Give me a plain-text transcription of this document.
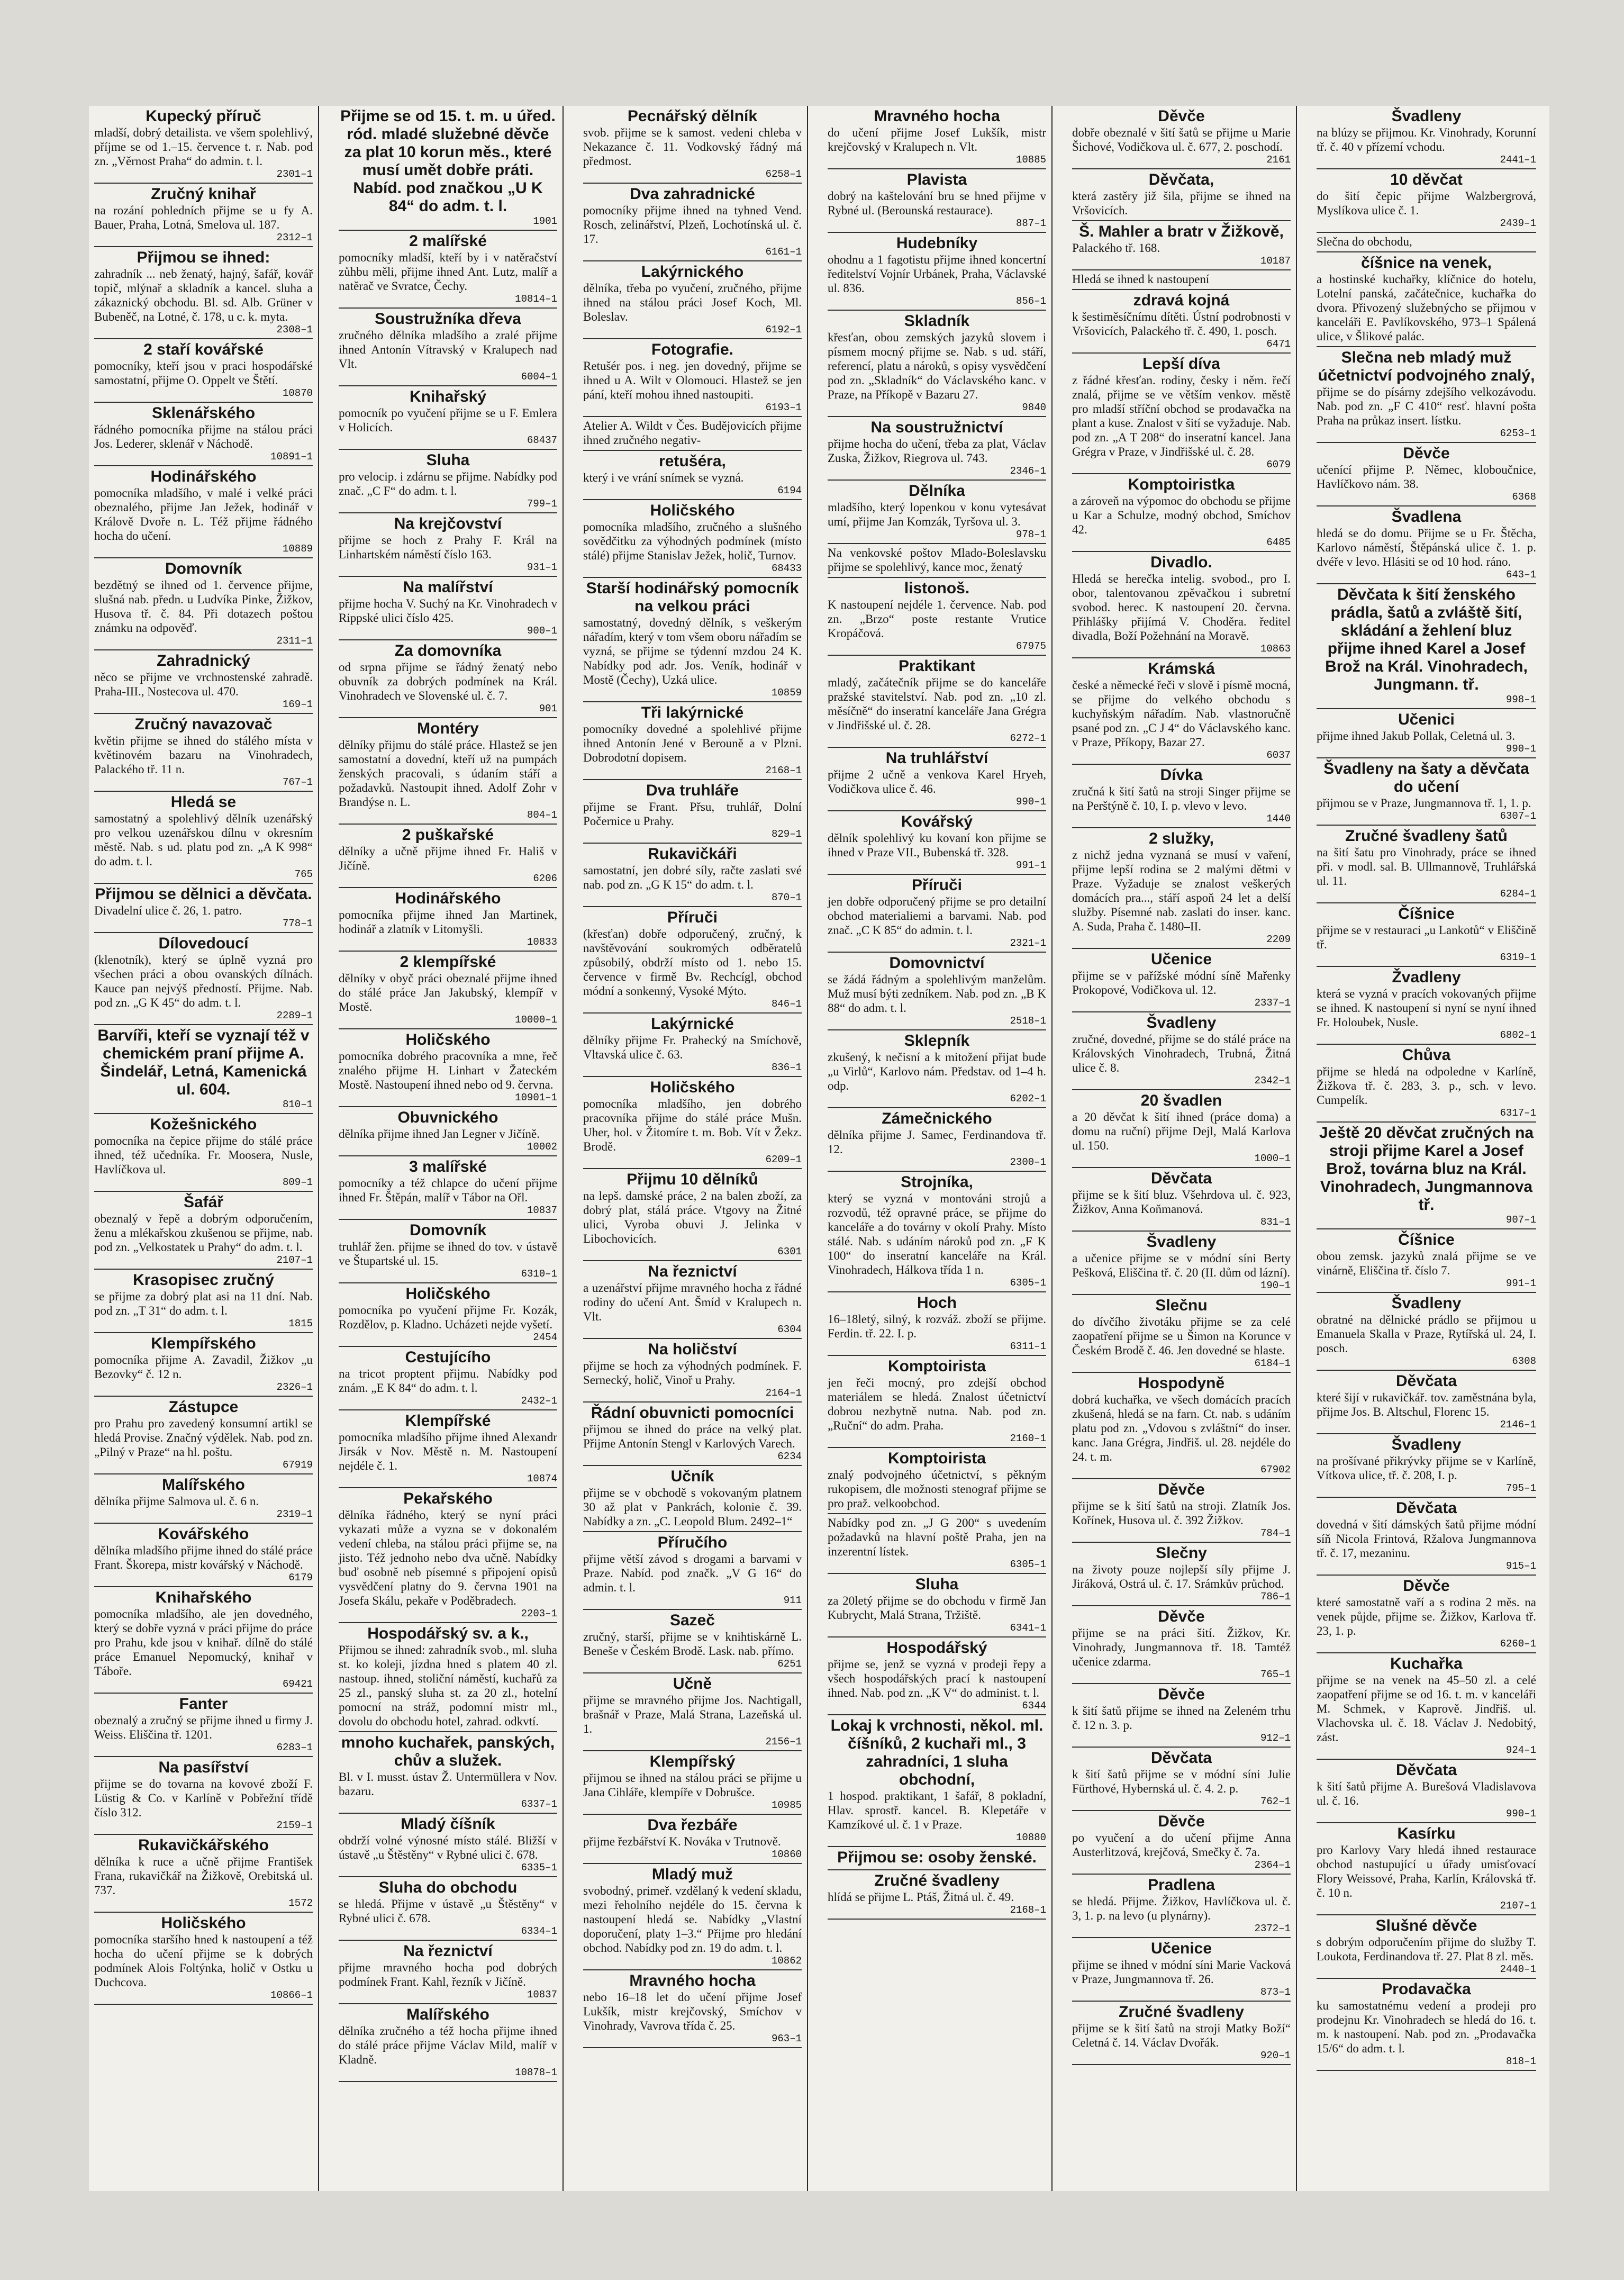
Kupecký příruč
mladší, dobrý detailista. ve všem spolehlivý, příjme se od 1.–15. července t. r. Nab. pod zn. „Věrnost Praha“ do admin. t. l.
2301–1
Zručný knihař
na rozání pohledních přijme se u fy A. Bauer, Praha, Lotná, Smelova ul. 187.
2312–1
Přijmou se ihned:
zahradník ... neb ženatý, hajný, šafář, kovář topič, mlýnař a skladník a kancel. sluha a zákaznický obchodu. Bl. sd. Alb. Grüner v Bubeněč, na Lotné, č. 178, u c. k. myta.
2308–1
2 staří kovářské
pomocníky, kteří jsou v praci hospodářské samostatní, přijme O. Oppelt ve Štětí.
10870
Sklenářského
řádného pomocníka přijme na stálou práci Jos. Lederer, sklenář v Náchodě.
10891–1
Hodinářského
pomocníka mladšího, v malé i velké práci obeznalého, přijme Jan Ježek, hodinář v Králově Dvoře n. L. Též přijme řádného hocha do učení.
10889
Domovník
bezdětný se ihned od 1. července přijme, slušná nab. předn. u Ludvíka Pinke, Žižkov, Husova tř. č. 84. Při dotazech poštou známku na odpověď.
2311–1
Zahradnický
něco se přijme ve vrchnostenské zahradě. Praha-III., Nostecova ul. 470.
169–1
Zručný navazovač
květin přijme se ihned do stálého místa v květinovém bazaru na Vinohradech, Palackého tř. 11 n.
767–1
Hledá se
samostatný a spolehlivý dělník uzenářský pro velkou uzenářskou dílnu v okresním městě. Nab. s ud. platu pod zn. „A K 998“ do adm. t. l.
765
Přijmou se dělnici a děvčata.
Divadelní ulice č. 26, 1. patro.
778–1
Dílovedoucí
(klenotník), který se úplně vyzná pro všechen práci a obou ovanských dílnách. Kauce pan nejvýš předností. Přijme. Nab. pod zn. „G K 45“ do adm. t. l.
2289–1
Barvíři, kteří se vyznají též v chemickém praní přijme A. Šindelář, Letná, Kamenická ul. 604.
810–1
Kožešnického
pomocníka na čepice přijme do stálé práce ihned, též učedníka. Fr. Moosera, Nusle, Havlíčkova ul.
809–1
Šafář
obeznalý v řepě a dobrým odporučením, ženu a mlékařskou zkušenou se přijme, nab. pod zn. „Velkostatek u Prahy“ do adm. t. l.
2107–1
Krasopisec zručný
se přijme za dobrý plat asi na 11 dní. Nab. pod zn. „T 31“ do adm. t. l.
1815
Klempířského
pomocníka přijme A. Zavadil, Žižkov „u Bezovky“ č. 12 n.
2326–1
Zástupce
pro Prahu pro zavedený konsumní artikl se hledá Provise. Značný výdělek. Nab. pod zn. „Pilný v Praze“ na hl. poštu.
67919
Malířského
dělníka přijme Salmova ul. č. 6 n.
2319–1
Kovářského
dělníka mladšího přijme ihned do stálé práce Frant. Škorepa, mistr kovářský v Náchodě.
6179
Knihařského
pomocníka mladšího, ale jen dovedného, který se dobře vyzná v práci přijme do práce pro Prahu, kde jsou v knihař. dílně do stálé práce Emanuel Nepomucký, knihař v Táboře.
69421
Fanter
obeznalý a zručný se přijme ihned u firmy J. Weiss. Eliščina tř. 1201.
6283–1
Na pasířství
přijme se do tovarna na kovové zboží F. Lüstig & Co. v Karlíně v Pobřežní třídě číslo 312.
2159–1
Rukavičkářského
dělníka k ruce a učně přijme František Frana, rukavičkář na Žižkově, Orebitská ul. 737.
1572
Holičského
pomocníka staršího hned k nastoupení a též hocha do učení přijme se k dobrých podmínek Alois Foltýnka, holič v Ostku u Duchcova.
10866–1
Přijme se od 15. t. m. u úřed. ród. mladé služebné děvče za plat 10 korun měs., které musí umět dobře práti. Nabíd. pod značkou „U K 84“ do adm. t. l.
1901
2 malířské
pomocníky mladší, kteří by i v natěračství zůhbu měli, přijme ihned Ant. Lutz, malíř a natěrač ve Svratce, Čechy.
10814–1
Soustružníka dřeva
zručného dělníka mladšího a zralé přijme ihned Antonín Vítravský v Kralupech nad Vlt.
6004–1
Knihařský
pomocník po vyučení přijme se u F. Emlera v Holicích.
68437
Sluha
pro velocip. i zdárnu se přijme. Nabídky pod znač. „C F“ do adm. t. l.
799–1
Na krejčovství
přijme se hoch z Prahy F. Král na Linhartském náměstí číslo 163.
931–1
Na malířství
přijme hocha V. Suchý na Kr. Vinohradech v Rippské ulici číslo 425.
900–1
Za domovníka
od srpna přijme se řádný ženatý nebo obuvník za dobrých podmínek na Král. Vinohradech ve Slovenské ul. č. 7.
901
Montéry
dělníky přijmu do stálé práce. Hlastež se jen samostatní a dovední, kteří už na pumpách ženských pracovali, s údaním stáří a požadavků. Nastoupit ihned. Adolf Zohr v Brandýse n. L.
804–1
2 puškařské
dělníky a učně přijme ihned Fr. Hališ v Jičíně.
6206
Hodinářského
pomocníka přijme ihned Jan Martinek, hodinář a zlatník v Litomyšli.
10833
2 klempířské
dělníky v obyč práci obeznalé přijme ihned do stálé práce Jan Jakubský, klempíř v Mostě.
10000–1
Holičského
pomocníka dobrého pracovníka a mne, řeč znalého přijme H. Linhart v Žateckém Mostě. Nastoupení ihned nebo od 9. června.
10901–1
Obuvnického
dělníka přijme ihned Jan Legner v Jičíně.
10002
3 malířské
pomocníky a též chlapce do učení přijme ihned Fr. Štěpán, malíř v Tábor na Ořl.
10837
Domovník
truhlář žen. přijme se ihned do tov. v ústavě ve Štupartské ul. 15.
6310–1
Holičského
pomocníka po vyučení přijme Fr. Kozák, Rozdělov, p. Kladno. Ucházeti nejde vyšetí.
2454
Cestujícího
na tricot proptent přijmu. Nabídky pod znám. „E K 84“ do adm. t. l.
2432–1
Klempířské
pomocníka mladšího přijme ihned Alexandr Jirsák v Nov. Městě n. M. Nastoupení nejdéle č. 1.
10874
Pekařského
dělníka řádného, který se nyní práci vykazati může a vyzna se v dokonalém vedení chleba, na stálou práci přijme se, na jisto. Též jednoho nebo dva učně. Nabídky buď osobně neb písemné s připojení opisů vysvědčení platny do 9. června 1901 na Josefa Skálu, pekaře v Poděbradech.
2203–1
Hospodářský sv. a k.,
Přijmou se ihned: zahradník svob., ml. sluha st. ko koleji, jízdna hned s platem 40 zl. nastoup. ihned, stoliční náměstí, kuchařů za 25 zl., panský sluha st. za 20 zl., hotelní pomocní na stráž, podomní mistr ml., dovolu do obchodu hotel, zahrad. odkvtí.
mnoho kuchařek, panských, chův a služek.
Bl. v I. musst. ústav Ž. Untermüllera v Nov. bazaru.
6337–1
Mladý číšník
obdrží volné výnosné místo stálé. Bližší v ústavě „u Štěstěny“ v Rybné ulici č. 678.
6335–1
Sluha do obchodu
se hledá. Přijme v ústavě „u Štěstěny“ v Rybné ulici č. 678.
6334–1
Na řeznictví
přijme mravného hocha pod dobrých podmínek Frant. Kahl, řezník v Jičíně.
10837
Malířského
dělníka zručného a též hocha přijme ihned do stálé práce přijme Václav Mild, malíř v Kladně.
10878–1
Pecnářský dělník
svob. přijme se k samost. vedeni chleba v Nekazance č. 11. Vodkovský řádný má předmost.
6258–1
Dva zahradnické
pomocníky přijme ihned na tyhned Vend. Rosch, zelinářství, Plzeň, Lochotínská ul. č. 17.
6161–1
Lakýrnického
dělníka, třeba po vyučení, zručného, přijme ihned na stálou práci Josef Koch, Ml. Boleslav.
6192–1
Fotografie.
Retušér pos. i neg. jen dovedný, přijme se ihned u A. Wilt v Olomouci. Hlastež se jen pání, kteří mohou ihned nastoupiti.
6193–1
Atelier A. Wildt v Čes. Budějovicích přijme ihned zručného negativ-
retušéra,
který i ve vrání snímek se vyzná.
6194
Holičského
pomocníka mladšího, zručného a slušného sovědčitku za výhodných podmínek (místo stálé) přijme Stanislav Ježek, holič, Turnov.
68433
Starší hodinářský pomocník na velkou práci
samostatný, dovedný dělník, s veškerým nářadím, který v tom všem oboru nářadím se vyzná, se přijme se týdenní mzdou 24 K. Nabídky pod adr. Jos. Veník, hodinář v Mostě (Čechy), Uzká ulice.
10859
Tři lakýrnické
pomocníky dovedné a spolehlivé přijme ihned Antonín Jené v Berouně a v Plzni. Dobrodotní dopisem.
2168–1
Dva truhláře
přijme se Frant. Přsu, truhlář, Dolní Počernice u Prahy.
829–1
Rukavičkáři
samostatní, jen dobré síly, račte zaslati své nab. pod zn. „G K 15“ do adm. t. l.
870–1
Příruči
(křesťan) dobře odporučený, zručný, k navštěvování soukromých odběratelů způsobilý, obdrží místo od 1. nebo 15. července v firmě Bv. Rechcígl, obchod módní a sonkenný, Vysoké Mýto.
846–1
Lakýrnické
dělníky přijme Fr. Prahecký na Smíchově, Vltavská ulice č. 63.
836–1
Holičského
pomocníka mladšího, jen dobrého pracovníka přijme do stálé práce Mušn. Uher, hol. v Žitomíre t. m. Bob. Vít v Žekz. Brodě.
6209–1
Přijmu 10 dělníků
na lepš. damské práce, 2 na balen zboží, za dobrý plat, stálá práce. Vtgovy na Žitné ulici, Vyroba obuvi J. Jelinka v Libochovicích.
6301
Na řeznictví
a uzenářství přijme mravného hocha z řádné rodiny do učení Ant. Šmíd v Kralupech n. Vlt.
6304
Na holičství
přijme se hoch za výhodných podmínek. F. Sernecký, holič, Vinoř u Prahy.
2164–1
Řádní obuvnicti pomocníci
přijmou se ihned do práce na velký plat. Přijme Antonín Stengl v Karlových Varech.
6234
Učník
přijme se v obchodě s vokovaným platnem 30 až plat v Pankrách, kolonie č. 39. Nabídky a zn. „C. Leopold Blum. 2492–1“
Příručího
přijme větší závod s drogami a barvami v Praze. Nabíd. pod značk. „V G 16“ do admin. t. l.
911
Sazeč
zručný, starší, přijme se v knihtiskárně L. Beneše v Českém Brodě. Lask. nab. přímo.
6251
Učně
přijme se mravného přijme Jos. Nachtigall, brašnář v Praze, Malá Strana, Lazeňská ul. 1.
2156–1
Klempířský
přijmou se ihned na stálou práci se přijme u Jana Cihláře, klempíře v Dobrušce.
10985
Dva řezbáře
přijme řezbářství K. Nováka v Trutnově.
10860
Mladý muž
svobodný, primeř. vzdělaný k vedení skladu, mezi řeholního nejdéle do 15. června k nastoupení hledá se. Nabídky „Vlastní doporučení, platy 1–3.“ Přijme pro hledání obchod. Nabídky pod zn. 19 do adm. t. l.
10862
Mravného hocha
nebo 16–18 let do učení přijme Josef Lukšík, mistr krejčovský, Smíchov v Vinohrady, Vavrova třída č. 25.
963–1
Mravného hocha
do učení přijme Josef Lukšík, mistr krejčovský v Kralupech n. Vlt.
10885
Plavista
dobrý na kaštelování bru se hned přijme v Rybné ul. (Berounská restaurace).
887–1
Hudebníky
ohodnu a 1 fagotistu přijme ihned koncertní ředitelství Vojnír Urbánek, Praha, Václavské ul. 836.
856–1
Skladník
křesťan, obou zemských jazyků slovem i písmem mocný přijme se. Nab. s ud. stáří, referencí, platu a nároků, s opisy vysvědčení pod zn. „Skladník“ do Václavského kanc. v Praze, na Příkopě v Bazaru 27.
9840
Na soustružnictví
přijme hocha do učení, třeba za plat, Václav Zuska, Žižkov, Riegrova ul. 743.
2346–1
Dělníka
mladšího, který lopenkou v konu vytesávat umí, přijme Jan Komzák, Tyršova ul. 3.
978–1
Na venkovské poštov Mlado-Boleslavsku přijme se spolehlivý, kance moc, ženatý
listonoš.
K nastoupení nejdéle 1. července. Nab. pod zn. „Brzo“ poste restante Vrutice Kropáčová.
67975
Praktikant
mladý, začátečník přijme se do kanceláře pražské stavitelství. Nab. pod zn. „10 zl. měsíčně“ do inseratní kanceláře Jana Grégra v Jindřišské ul. č. 28.
6272–1
Na truhlářství
přijme 2 učně a venkova Karel Hryeh, Vodičkova ulice č. 46.
990–1
Kovářský
dělník spolehlivý ku kovaní kon přijme se ihned v Praze VII., Bubenská tř. 328.
991–1
Příruči
jen dobře odporučený přijme se pro detailní obchod materialiemi a barvami. Nab. pod znač. „C K 85“ do admin. t. l.
2321–1
Domovnictví
se žádá řádným a spolehlivým manželům. Muž musí býti zedníkem. Nab. pod zn. „B K 88“ do adm. t. l.
2518–1
Sklepník
zkušený, k nečisní a k mitožení přijat bude „u Virlů“, Karlovo nám. Představ. od 1–4 h. odp.
6202–1
Zámečnického
dělníka přijme J. Samec, Ferdinandova tř. 12.
2300–1
Strojníka,
který se vyzná v montováni strojů a rozvodů, též opravné práce, se přijme do kanceláře a do továrny v okolí Prahy. Místo stálé. Nab. s udáním nároků pod zn. „F K 100“ do inseratní kanceláře na Král. Vinohradech, Hálkova třída 1 n.
6305–1
Hoch
16–18letý, silný, k rozváž. zboží se přijme. Ferdin. tř. 22. I. p.
6311–1
Komptoirista
jen řeči mocný, pro zdejší obchod materiálem se hledá. Znalost účetnictví dobrou nezbytně nutna. Nab. pod zn. „Ruční“ do adm. Praha.
2160–1
Komptoirista
znalý podvojného účetnictví, s pěkným rukopisem, dle možnosti stenograf přijme se pro praž. velkoobchod.
Nabídky pod zn. „J G 200“ s uvedením požadavků na hlavní poště Praha, jen na inzerentní lístek.
6305–1
Sluha
za 20letý přijme se do obchodu v firmě Jan Kubrycht, Malá Strana, Tržiště.
6341–1
Hospodářský
přijme se, jenž se vyzná v prodeji řepy a všech hospodářských prací k nastoupení ihned. Nab. pod zn. „K V“ do administ. t. l.
6344
Lokaj k vrchnosti, někol. ml. číšníků, 2 kuchaři ml., 3 zahradníci, 1 sluha obchodní,
1 hospod. praktikant, 1 šafář, 8 pokladní, Hlav. sprostř. kancel. B. Klepetáře v Kamzíkové ul. č. 1 v Praze.
10880
Přijmou se: osoby ženské.
Zručné švadleny
hlídá se přijme L. Ptáš, Žitná ul. č. 49.
2168–1
Děvče
dobře obeznalé v šití šatů se přijme u Marie Šichové, Vodičkova ul. č. 677, 2. poschodí.
2161
Děvčata,
která zastěry již šila, přijme se ihned na Vršovicích.
Š. Mahler a bratr v Žižkově,
Palackého tř. 168.
10187
Hledá se ihned k nastoupení
zdravá kojná
k šestiměsíčnímu dítěti. Ústní podrobnosti v Vršovicích, Palackého tř. č. 490, 1. posch.
6471
Lepší díva
z řádné křesťan. rodiny, česky i něm. řečí znalá, přijme se ve větším venkov. městě pro mladší stříční obchod se prodavačka na plant a kuse. Znalost v šití se vyžaduje. Nab. pod zn. „A T 208“ do inseratní kancel. Jana Grégra v Praze, v Jindřišské ul. č. 28.
6079
Komptoiristka
a zároveň na výpomoc do obchodu se přijme u Kar a Schulze, modný obchod, Smíchov 42.
6485
Divadlo.
Hledá se herečka intelig. svobod., pro I. obor, talentovanou zpěvačkou i subretní svobod. herec. K nastoupení 20. června. Přihlášky přijímá V. Choděra. ředitel divadla, Boží Požehnání na Moravě.
10863
Krámská
české a německé řeči v slově i písmě mocná, se přijme do velkého obchodu s kuchyňským nářadím. Nab. vlastnoručně psané pod zn. „C J 4“ do Václavského kanc. v Praze, Příkopy, Bazar 27.
6037
Dívka
zručná k šití šatů na stroji Singer přijme se na Perštýně č. 10, I. p. vlevo v levo.
1440
2 služky,
z nichž jedna vyznaná se musí v vaření, přijme lepší rodina se 2 malými dětmi v Praze. Vyžaduje se znalost veškerých domácích pra..., stáří aspoň 24 let a delší služby. Písemné nab. zaslati do inser. kanc. A. Suda, Praha č. 1480–II.
2209
Učenice
přijme se v pařížské módní síně Mařenky Prokopové, Vodičkova ul. 12.
2337–1
Švadleny
zručné, dovedné, přijme se do stálé práce na Královských Vinohradech, Trubná, Žitná ulice č. 8.
2342–1
20 švadlen
a 20 děvčat k šití ihned (práce doma) a domu na ruční) přijme Dejl, Malá Karlova ul. 150.
1000–1
Děvčata
přijme se k šití bluz. Všehrdova ul. č. 923, Žižkov, Anna Koňmanová.
831–1
Švadleny
a učenice přijme se v módní síni Berty Pešková, Eliščina tř. č. 20 (II. dům od lázní).
190–1
Slečnu
do dívčího životáku přijme se za celé zaopatření přijme se u Šimon na Korunce v Českém Brodě č. 46. Jen dovedné se hlaste.
6184–1
Hospodyně
dobrá kuchařka, ve všech domácích pracích zkušená, hledá se na farn. Ct. nab. s udáním platu pod zn. „Vdovou s zvláštní“ do inser. kanc. Jana Grégra, Jindřiš. ul. 28. nejdéle do 24. t. m.
67902
Děvče
přijme se k šití šatů na stroji. Zlatník Jos. Kořínek, Husova ul. č. 392 Žižkov.
784–1
Slečny
na životy pouze nojlepší síly přijme J. Jiráková, Ostrá ul. č. 17. Srámkův průchod.
786–1
Děvče
přijme se na práci šití. Žižkov, Kr. Vinohrady, Jungmannova tř. 18. Tamtéž učenice zdarma.
765–1
Děvče
k šití šatů přijme se ihned na Zeleném trhu č. 12 n. 3. p.
912–1
Děvčata
k šití šatů přijme se v módní síni Julie Fürthové, Hybernská ul. č. 4. 2. p.
762–1
Děvče
po vyučení a do učení přijme Anna Austerlitzová, krejčová, Smečky č. 7a.
2364–1
Pradlena
se hledá. Přijme. Žižkov, Havlíčkova ul. č. 3, 1. p. na levo (u plynárny).
2372–1
Učenice
přijme se ihned v módní síni Marie Vacková v Praze, Jungmannova tř. 26.
873–1
Zručné švadleny
přijme se k šití šatů na stroji Matky Boží“ Celetná č. 14. Václav Dvořák.
920–1
Švadleny
na blúzy se přijmou. Kr. Vinohrady, Korunní tř. č. 40 v přízemí vchodu.
2441–1
10 děvčat
do šití čepic přijme Walzbergrová, Myslíkova ulice č. 1.
2439–1
Slečna do obchodu,
číšnice na venek,
a hostinské kuchařky, klíčnice do hotelu, Lotelní panská, začátečnice, kuchařka do dvora. Přivozený služebnýcho se přijmou v kanceláři E. Pavlíkovského, 973–1 Spálená ulice, v Šlikové palác.
Slečna neb mladý muž účetnictví podvojného znalý,
přijme se do písárny zdejšího velkozávodu. Nab. pod zn. „F C 410“ resť. hlavní pošta Praha na průkaz insert. lístku.
6253–1
Děvče
učenící přijme P. Němec, kloboučnice, Havlíčkovo nám. 38.
6368
Švadlena
hledá se do domu. Přijme se u Fr. Štěcha, Karlovo náměstí, Štěpánská ulice č. 1. p. dvéře v levo. Hlásiti se od 10 hod. ráno.
643–1
Děvčata k šití ženského prádla, šatů a zvláště šití, skládání a žehlení bluz přijme ihned Karel a Josef Brož na Král. Vinohradech, Jungmann. tř.
998–1
Učenici
přijme ihned Jakub Pollak, Celetná ul. 3.
990–1
Švadleny na šaty a děvčata do učení
přijmou se v Praze, Jungmannova tř. 1, 1. p.
6307–1
Zručné švadleny šatů
na šití šatu pro Vinohrady, práce se ihned při. v modl. sal. B. Ullmannově, Truhlářská ul. 11.
6284–1
Číšnice
přijme se v restauraci „u Lankotů“ v Eliščině tř.
6319–1
Žvadleny
která se vyzná v pracích vokovaných přijme se ihned. K nastoupení si nyní se nyní ihned Fr. Holoubek, Nusle.
6802–1
Chůva
přijme se hledá na odpoledne v Karlíně, Žižkova tř. č. 283, 3. p., sch. v levo. Cumpelík.
6317–1
Ještě 20 děvčat zručných na stroji přijme Karel a Josef Brož, továrna bluz na Král. Vinohradech, Jungmannova tř.
907–1
Číšnice
obou zemsk. jazyků znalá přijme se ve vinárně, Eliščina tř. číslo 7.
991–1
Švadleny
obratné na dělnické prádlo se přijmou u Emanuela Skalla v Praze, Rytířská ul. 24, I. posch.
6308
Děvčata
které šijí v rukavičkář. tov. zaměstnána byla, přijme Jos. B. Altschul, Florenc 15.
2146–1
Švadleny
na prošívané přikrývky přijme se v Karlíně, Vítkova ulice, tř. č. 208, I. p.
795–1
Děvčata
dovedná v šití dámských šatů přijme módní síň Nicola Frintová, Ržalova Jungmannova tř. č. 17, mezaninu.
915–1
Děvče
které samostatně vaří a s rodina 2 měs. na venek půjde, přijme se. Žižkov, Karlova tř. 23, 1. p.
6260–1
Kuchařka
přijme se na venek na 45–50 zl. a celé zaopatření přijme se od 16. t. m. v kanceláři M. Schmek, v Kaprově. Jindřiš. ul. Vlachovska ul. č. 18. Václav J. Nedobitý, zást.
924–1
Děvčata
k šití šatů přijme A. Burešová Vladislavova ul. č. 16.
990–1
Kasírku
pro Karlovy Vary hledá ihned restaurace obchod nastupující u úřady umisťovací Flory Weissové, Praha, Karlín, Královská tř. č. 10 n.
2107–1
Slušné děvče
s dobrým odporučením přijme do služby T. Loukota, Ferdinandova tř. 27. Plat 8 zl. měs.
2440–1
Prodavačka
ku samostatnému vedení a prodeji pro prodejnu Kr. Vinohradech se hledá do 16. t. m. k nastoupení. Nab. pod zn. „Prodavačka 15/6“ do adm. t. l.
818–1
